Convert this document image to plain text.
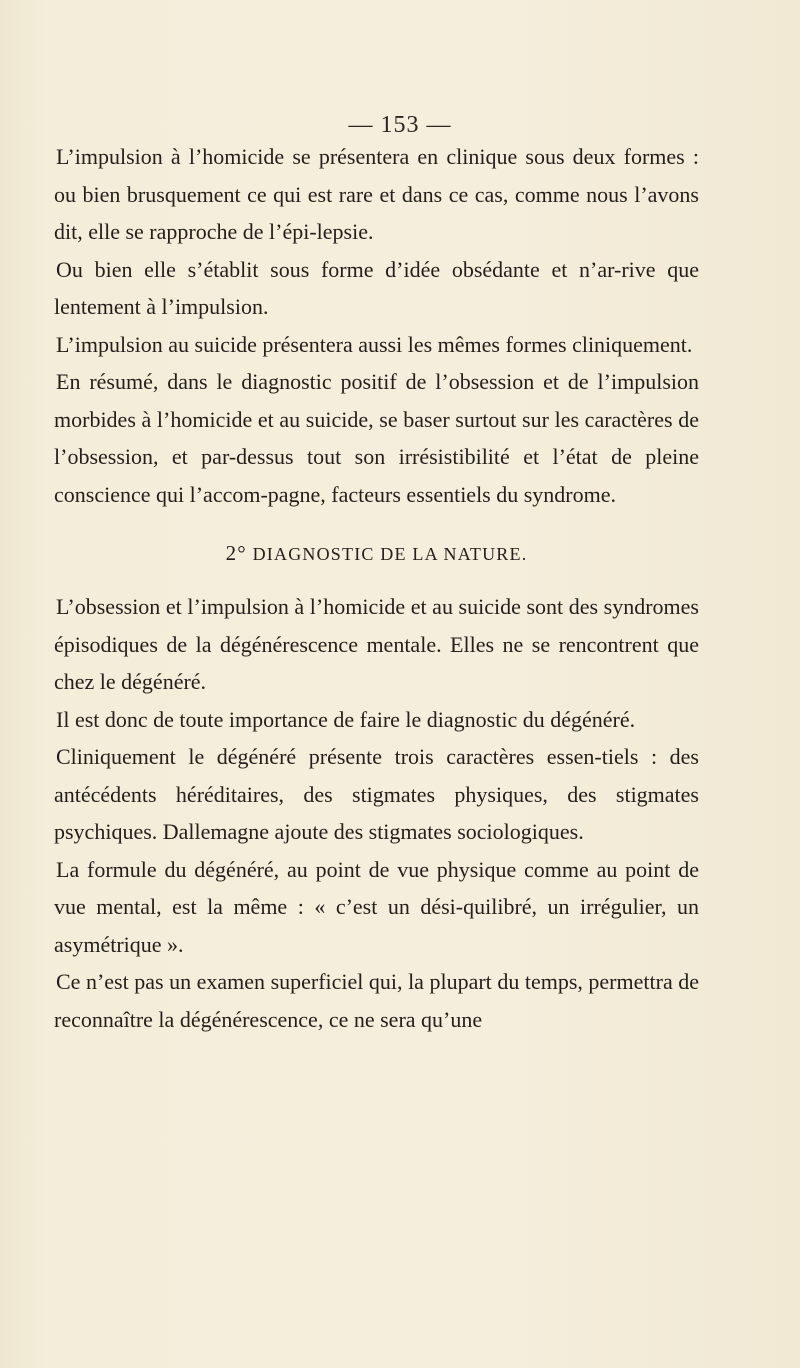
— 153 —

L’impulsion à l’homicide se présentera en clinique sous deux formes : ou bien brusquement ce qui est rare et dans ce cas, comme nous l’avons dit, elle se rapproche de l’épi-lepsie.

Ou bien elle s’établit sous forme d’idée obsédante et n’ar-rive que lentement à l’impulsion.

L’impulsion au suicide présentera aussi les mêmes formes cliniquement.

En résumé, dans le diagnostic positif de l’obsession et de l’impulsion morbides à l’homicide et au suicide, se baser surtout sur les caractères de l’obsession, et par-dessus tout son irrésistibilité et l’état de pleine conscience qui l’accom-pagne, facteurs essentiels du syndrome.

2° DIAGNOSTIC DE LA NATURE.

L’obsession et l’impulsion à l’homicide et au suicide sont des syndromes épisodiques de la dégénérescence mentale. Elles ne se rencontrent que chez le dégénéré.

Il est donc de toute importance de faire le diagnostic du dégénéré.

Cliniquement le dégénéré présente trois caractères essen-tiels : des antécédents héréditaires, des stigmates physiques, des stigmates psychiques. Dallemagne ajoute des stigmates sociologiques.

La formule du dégénéré, au point de vue physique comme au point de vue mental, est la même : « c’est un dési-quilibré, un irrégulier, un asymétrique ».

Ce n’est pas un examen superficiel qui, la plupart du temps, permettra de reconnaître la dégénérescence, ce ne sera qu’une
